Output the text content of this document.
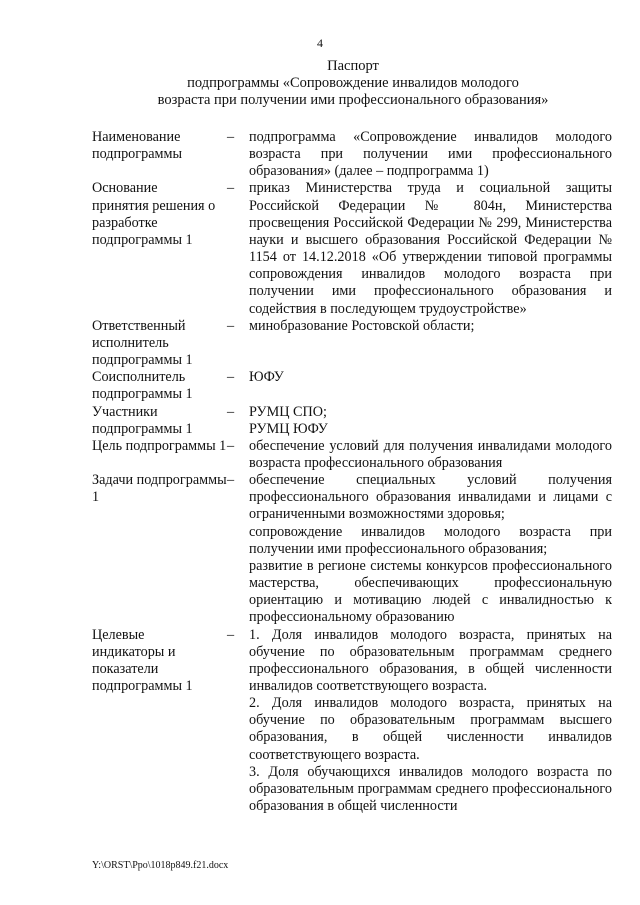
4
Паспорт
подпрограммы «Сопровождение инвалидов молодого
возраста при получении ими профессионального образования»
Наименование подпрограммы
–	подпрограмма «Сопровождение инвалидов молодого возраста при получении ими профессионального образования» (далее – подпрограмма 1)

Основание принятия решения о разработке подпрограммы 1
–	приказ Министерства труда и социальной защиты Российской Федерации № 804н, Министерства просвещения Российской Федерации № 299, Министерства науки и высшего образования Российской Федерации № 1154 от 14.12.2018 «Об утверждении типовой программы сопровождения инвалидов молодого возраста при получении ими профессионального образования и содействия в последующем трудоустройстве»

Ответственный исполнитель подпрограммы 1
–	минобразование Ростовской области;

Соисполнитель подпрограммы 1
–	ЮФУ

Участники подпрограммы 1
–	РУМЦ СПО;

РУМЦ ЮФУ

Цель подпрограммы 1 –	обеспечение условий для получения инвалидами молодого возраста профессионального образования

Задачи подпрограммы 1
–	обеспечение специальных условий получения профессионального образования инвалидами и лицами с ограниченными возможностями здоровья;

сопровождение инвалидов молодого возраста при получении ими профессионального образования;

развитие в регионе системы конкурсов профессионального мастерства, обеспечивающих профессиональную ориентацию и мотивацию людей с инвалидностью к профессиональному образованию

Целевые индикаторы и показатели подпрограммы 1
–	1. Доля инвалидов молодого возраста, принятых на обучение по образовательным программам среднего профессионального образования, в общей численности инвалидов соответствующего возраста.

2. Доля инвалидов молодого возраста, принятых на обучение по образовательным программам высшего образования, в общей численности инвалидов соответствующего возраста.

3. Доля обучающихся инвалидов молодого возраста по образовательным программам среднего профессионального образования в общей численности

Y:\ORST\Ppo\1018p849.f21.docx
